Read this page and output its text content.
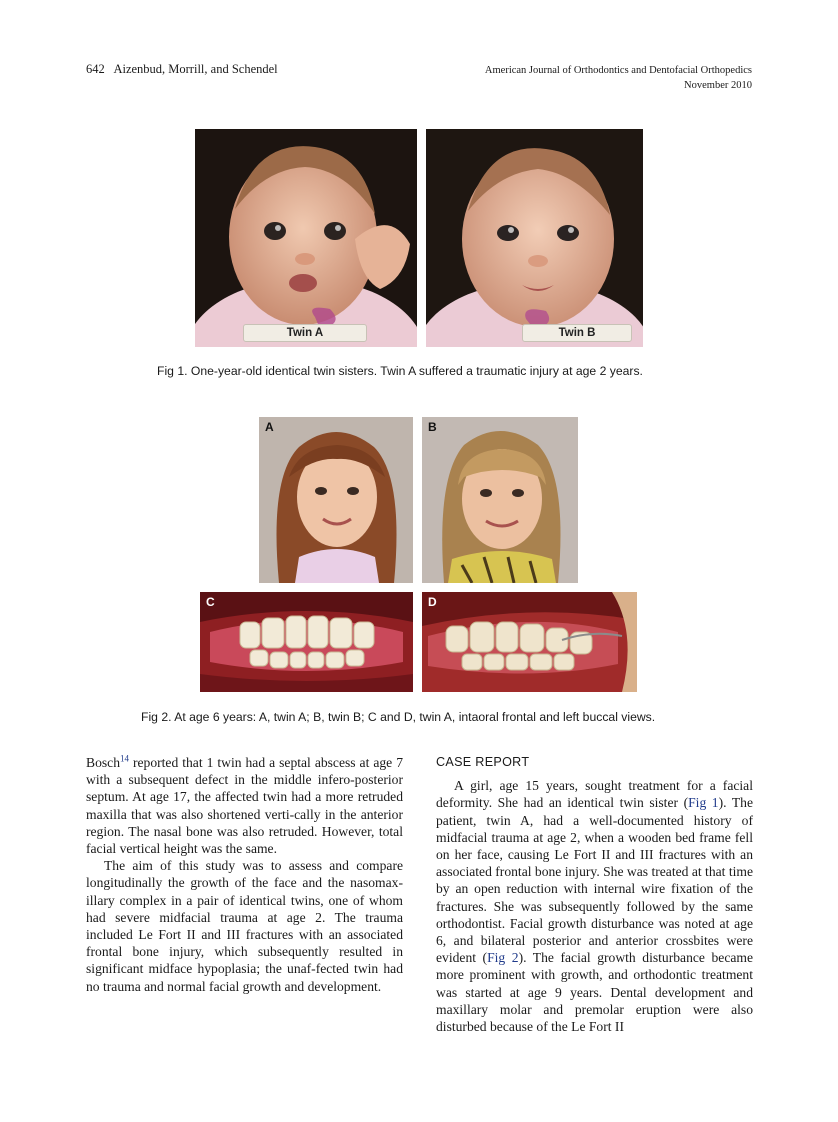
642 Aizenbud, Morrill, and Schendel	American Journal of Orthodontics and Dentofacial Orthopedics
November 2010
Twin A	Twin B
Fig 1. One-year-old identical twin sisters. Twin A suffered a traumatic injury at age 2 years.
A	B
C	D
Fig 2. At age 6 years: A, twin A; B, twin B; C and D, twin A, intaoral frontal and left buccal views.

Bosch$^{14}$ reported that 1 twin had a septal abscess at age 7 with a subsequent defect in the middle infero-posterior septum. At age 17, the affected twin had a more retruded maxilla that was also shortened verti-cally in the anterior region. The nasal bone was also retruded. However, total facial vertical height was the same.

The aim of this study was to assess and compare longitudinally the growth of the face and the nasomax-illary complex in a pair of identical twins, one of whom had severe midfacial trauma at age 2. The trauma included Le Fort II and III fractures with an associated frontal bone injury, which subsequently resulted in significant midface hypoplasia; the unaf-fected twin had no trauma and normal facial growth and development.

CASE REPORT

A girl, age 15 years, sought treatment for a facial deformity. She had an identical twin sister (Fig 1). The patient, twin A, had a well-documented history of midfacial trauma at age 2, when a wooden bed frame fell on her face, causing Le Fort II and III fractures with an associated frontal bone injury. She was treated at that time by an open reduction with internal wire fixation of the fractures. She was subsequently followed by the same orthodontist. Facial growth disturbance was noted at age 6, and bilateral posterior and anterior crossbites were evident (Fig 2). The facial growth disturbance became more prominent with growth, and orthodontic treatment was started at age 9 years. Dental development and maxillary molar and premolar eruption were also disturbed because of the Le Fort II
